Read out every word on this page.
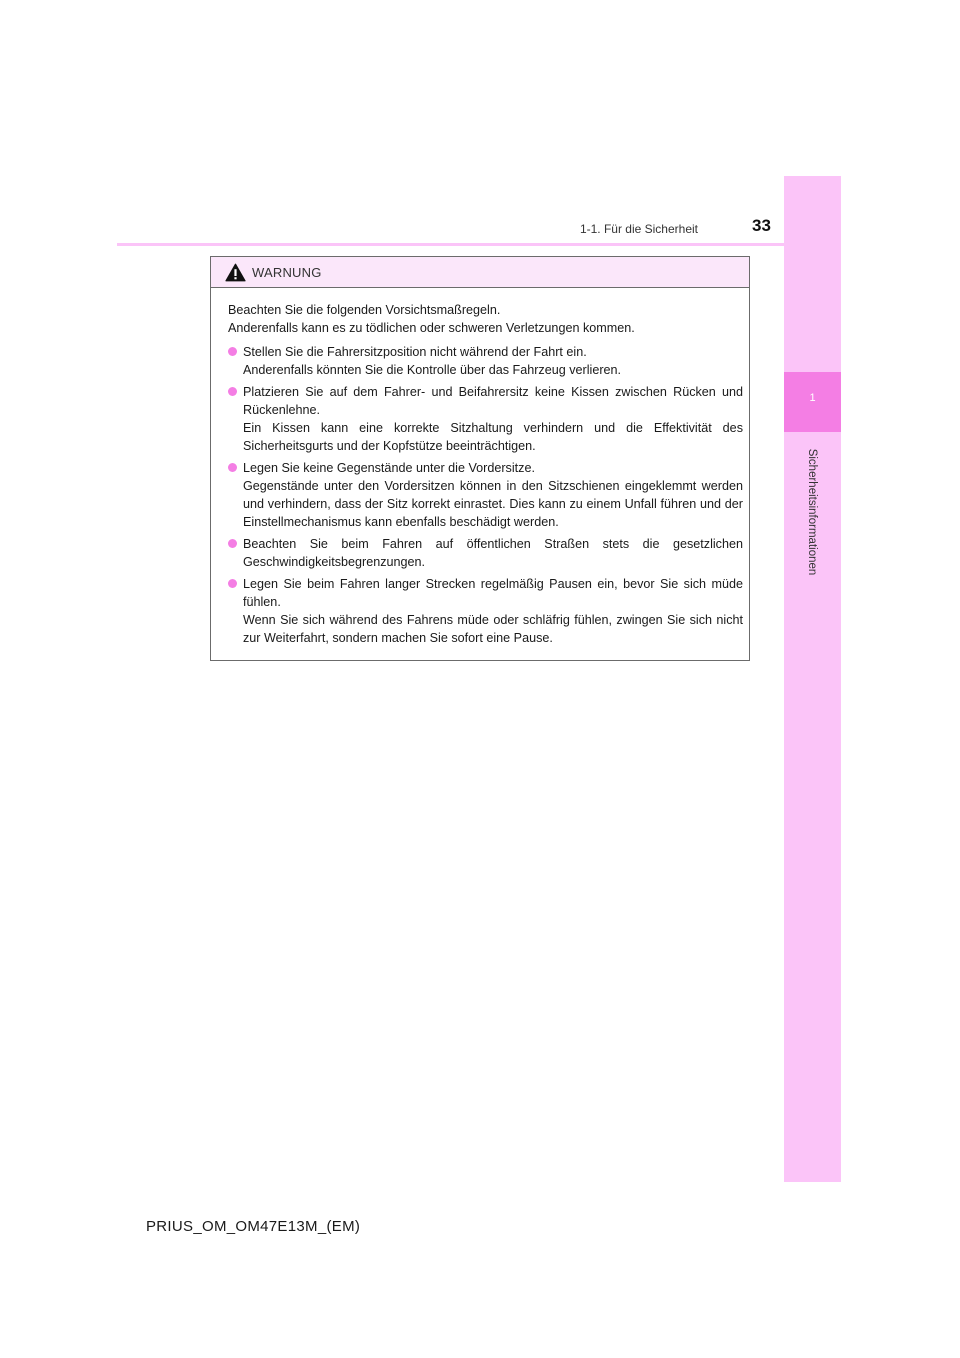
1
Sicherheitsinformationen
1-1. Für die Sicherheit	33
WARNUNG
Beachten Sie die folgenden Vorsichtsmaßregeln.
Anderenfalls kann es zu tödlichen oder schweren Verletzungen kommen.
Stellen Sie die Fahrersitzposition nicht während der Fahrt ein.
Anderenfalls könnten Sie die Kontrolle über das Fahrzeug verlieren.
Platzieren Sie auf dem Fahrer- und Beifahrersitz keine Kissen zwischen Rücken und Rückenlehne.
Ein Kissen kann eine korrekte Sitzhaltung verhindern und die Effektivität des Sicherheitsgurts und der Kopfstütze beeinträchtigen.
Legen Sie keine Gegenstände unter die Vordersitze.
Gegenstände unter den Vordersitzen können in den Sitzschienen eingeklemmt werden und verhindern, dass der Sitz korrekt einrastet. Dies kann zu einem Unfall führen und der Einstellmechanismus kann ebenfalls beschädigt werden.
Beachten Sie beim Fahren auf öffentlichen Straßen stets die gesetzlichen Geschwindigkeitsbegrenzungen.
Legen Sie beim Fahren langer Strecken regelmäßig Pausen ein, bevor Sie sich müde fühlen.
Wenn Sie sich während des Fahrens müde oder schläfrig fühlen, zwingen Sie sich nicht zur Weiterfahrt, sondern machen Sie sofort eine Pause.
PRIUS_OM_OM47E13M_(EM)
